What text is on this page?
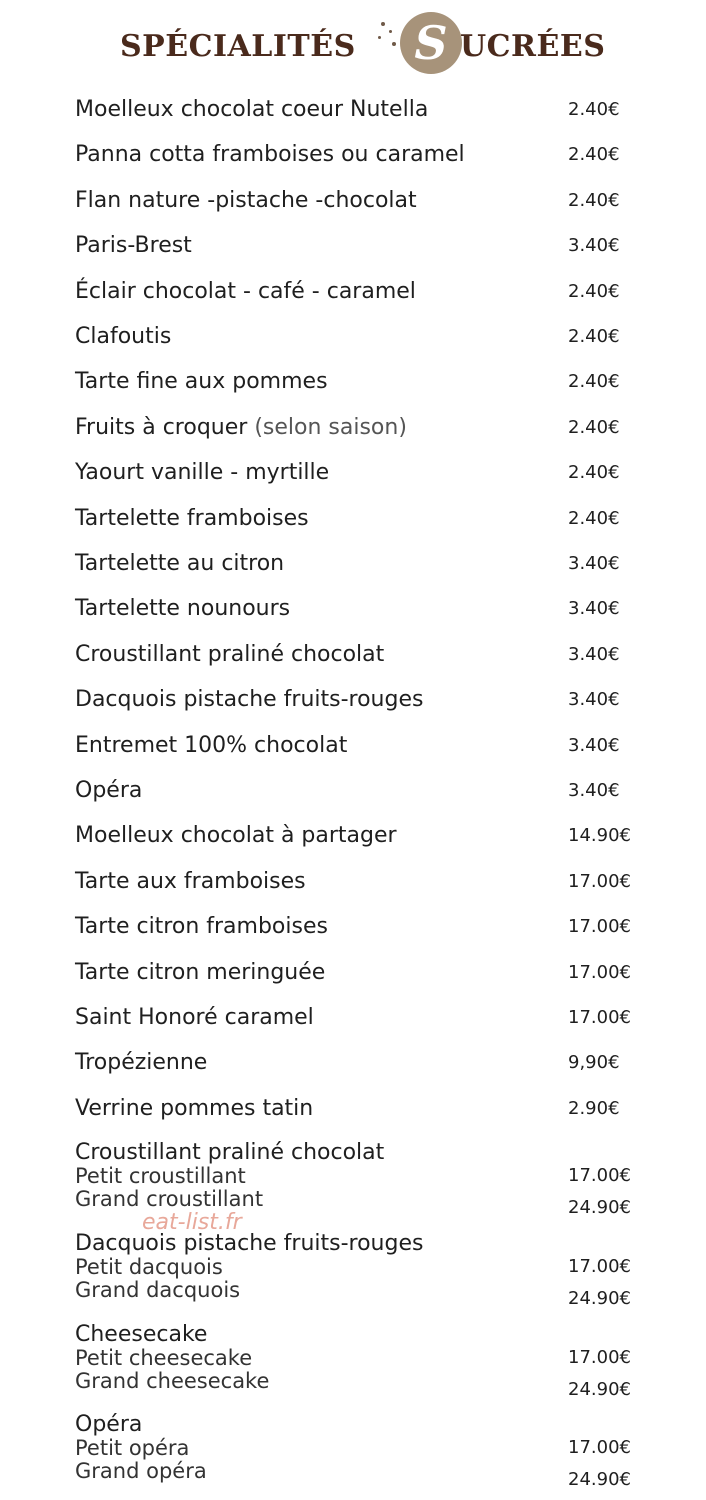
SPÉCIALITÉS	S UCRÉES
Moelleux chocolat coeur Nutella	2.40€
Panna cotta framboises ou caramel	2.40€
Flan nature -pistache -chocolat	2.40€
Paris-Brest	3.40€
Éclair chocolat - café - caramel	2.40€
Clafoutis	2.40€
Tarte fine aux pommes	2.40€
Fruits à croquer (selon saison)	2.40€
Yaourt vanille - myrtille	2.40€
Tartelette framboises	2.40€
Tartelette au citron	3.40€
Tartelette nounours	3.40€
Croustillant praliné chocolat	3.40€
Dacquois pistache fruits-rouges	3.40€
Entremet 100% chocolat	3.40€
Opéra	3.40€
Moelleux chocolat à partager	14.90€
Tarte aux framboises	17.00€
Tarte citron framboises	17.00€
Tarte citron meringuée	17.00€
Saint Honoré caramel	17.00€
Tropézienne	9,90€
Verrine pommes tatin	2.90€
Croustillant praliné chocolat
Petit croustillant	17.00€
Grand croustillant	24.90€
Dacquois pistache fruits-rouges
Petit dacquois	17.00€
Grand dacquois	24.90€
Cheesecake
Petit cheesecake	17.00€
Grand cheesecake	24.90€
Opéra
Petit opéra	17.00€
Grand opéra	24.90€
eat-list.fr
